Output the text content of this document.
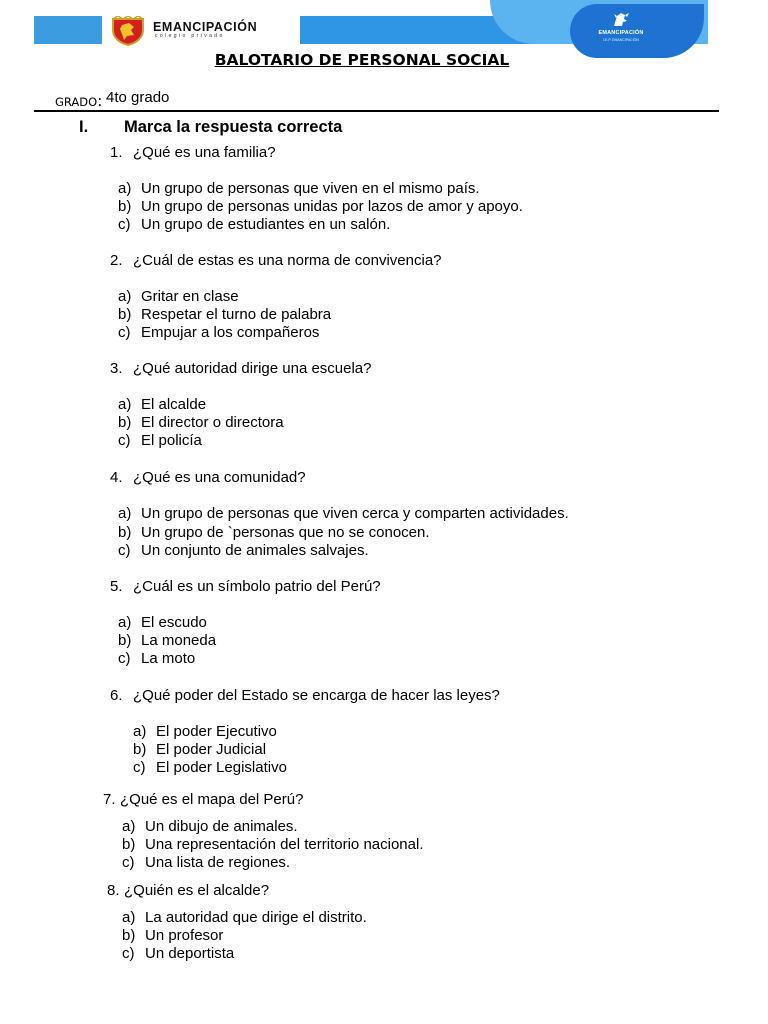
EMANCIPACIÓN
I.E.P. EMANCIPACIÓN
EMANCIPACIÓN
colegio privado
BALOTARIO DE PERSONAL SOCIAL
GRADO: 4to grado
I. Marca la respuesta correcta
1. ¿Qué es una familia?
a) Un grupo de personas que viven en el mismo país.
b) Un grupo de personas unidas por lazos de amor y apoyo.
c) Un grupo de estudiantes en un salón.
2. ¿Cuál de estas es una norma de convivencia?
a) Gritar en clase
b) Respetar el turno de palabra
c) Empujar a los compañeros
3. ¿Qué autoridad dirige una escuela?
a) El alcalde
b) El director o directora
c) El policía
4. ¿Qué es una comunidad?
a) Un grupo de personas que viven cerca y comparten actividades.
b) Un grupo de `personas que no se conocen.
c) Un conjunto de animales salvajes.
5. ¿Cuál es un símbolo patrio del Perú?
a) El escudo
b) La moneda
c) La moto
6. ¿Qué poder del Estado se encarga de hacer las leyes?
a) El poder Ejecutivo
b) El poder Judicial
c) El poder Legislativo
7. ¿Qué es el mapa del Perú?
a) Un dibujo de animales.
b) Una representación del territorio nacional.
c) Una lista de regiones.
8. ¿Quién es el alcalde?
a) La autoridad que dirige el distrito.
b) Un profesor
c) Un deportista
